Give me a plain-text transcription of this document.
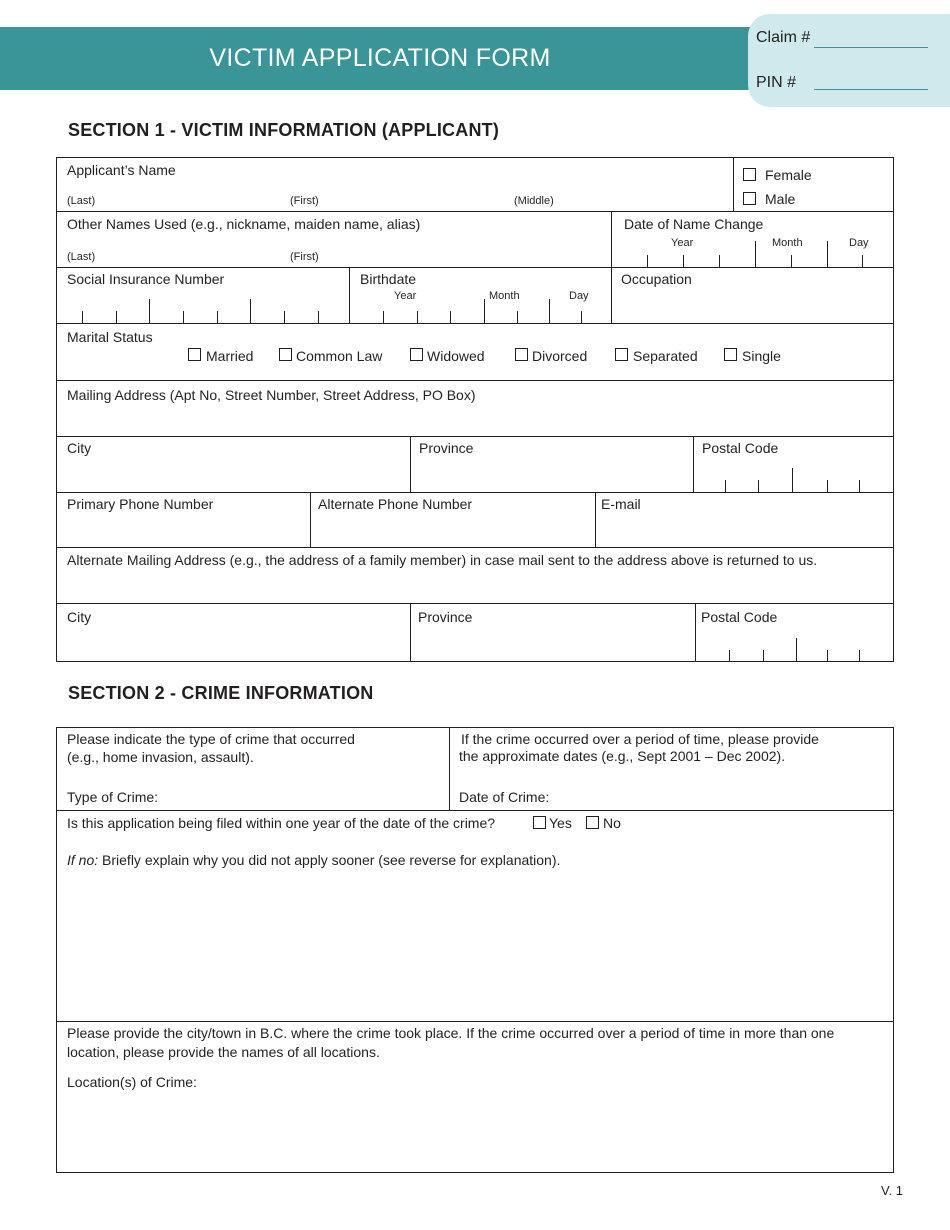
VICTIM APPLICATION FORM
Claim #
PIN #
SECTION 1 - VICTIM INFORMATION (APPLICANT)
Applicant’s Name
(Last)	(First)	(Middle)
Female
Male
Other Names Used (e.g., nickname, maiden name, alias)
(Last)	(First)
Date of Name Change
Year	Month	Day
Social Insurance Number	Birthdate
Year	Month	Day
Occupation
Marital Status
Married	Common Law	Widowed	Divorced	Separated	Single
Mailing Address (Apt No, Street Number, Street Address, PO Box)
City	Province	Postal Code
Primary Phone Number	Alternate Phone Number	E-mail
Alternate Mailing Address (e.g., the address of a family member) in case mail sent to the address above is returned to us.
City	Province	Postal Code
SECTION 2 - CRIME INFORMATION
Please indicate the type of crime that occurred
(e.g., home invasion, assault).
Type of Crime:
If the crime occurred over a period of time, please provide
the approximate dates (e.g., Sept 2001 – Dec 2002).
Date of Crime:
Is this application being filed within one year of the date of the crime?	Yes No
If no: Briefly explain why you did not apply sooner (see reverse for explanation).
Please provide the city/town in B.C. where the crime took place. If the crime occurred over a period of time in more than one
location, please provide the names of all locations.
Location(s) of Crime:
V. 1
